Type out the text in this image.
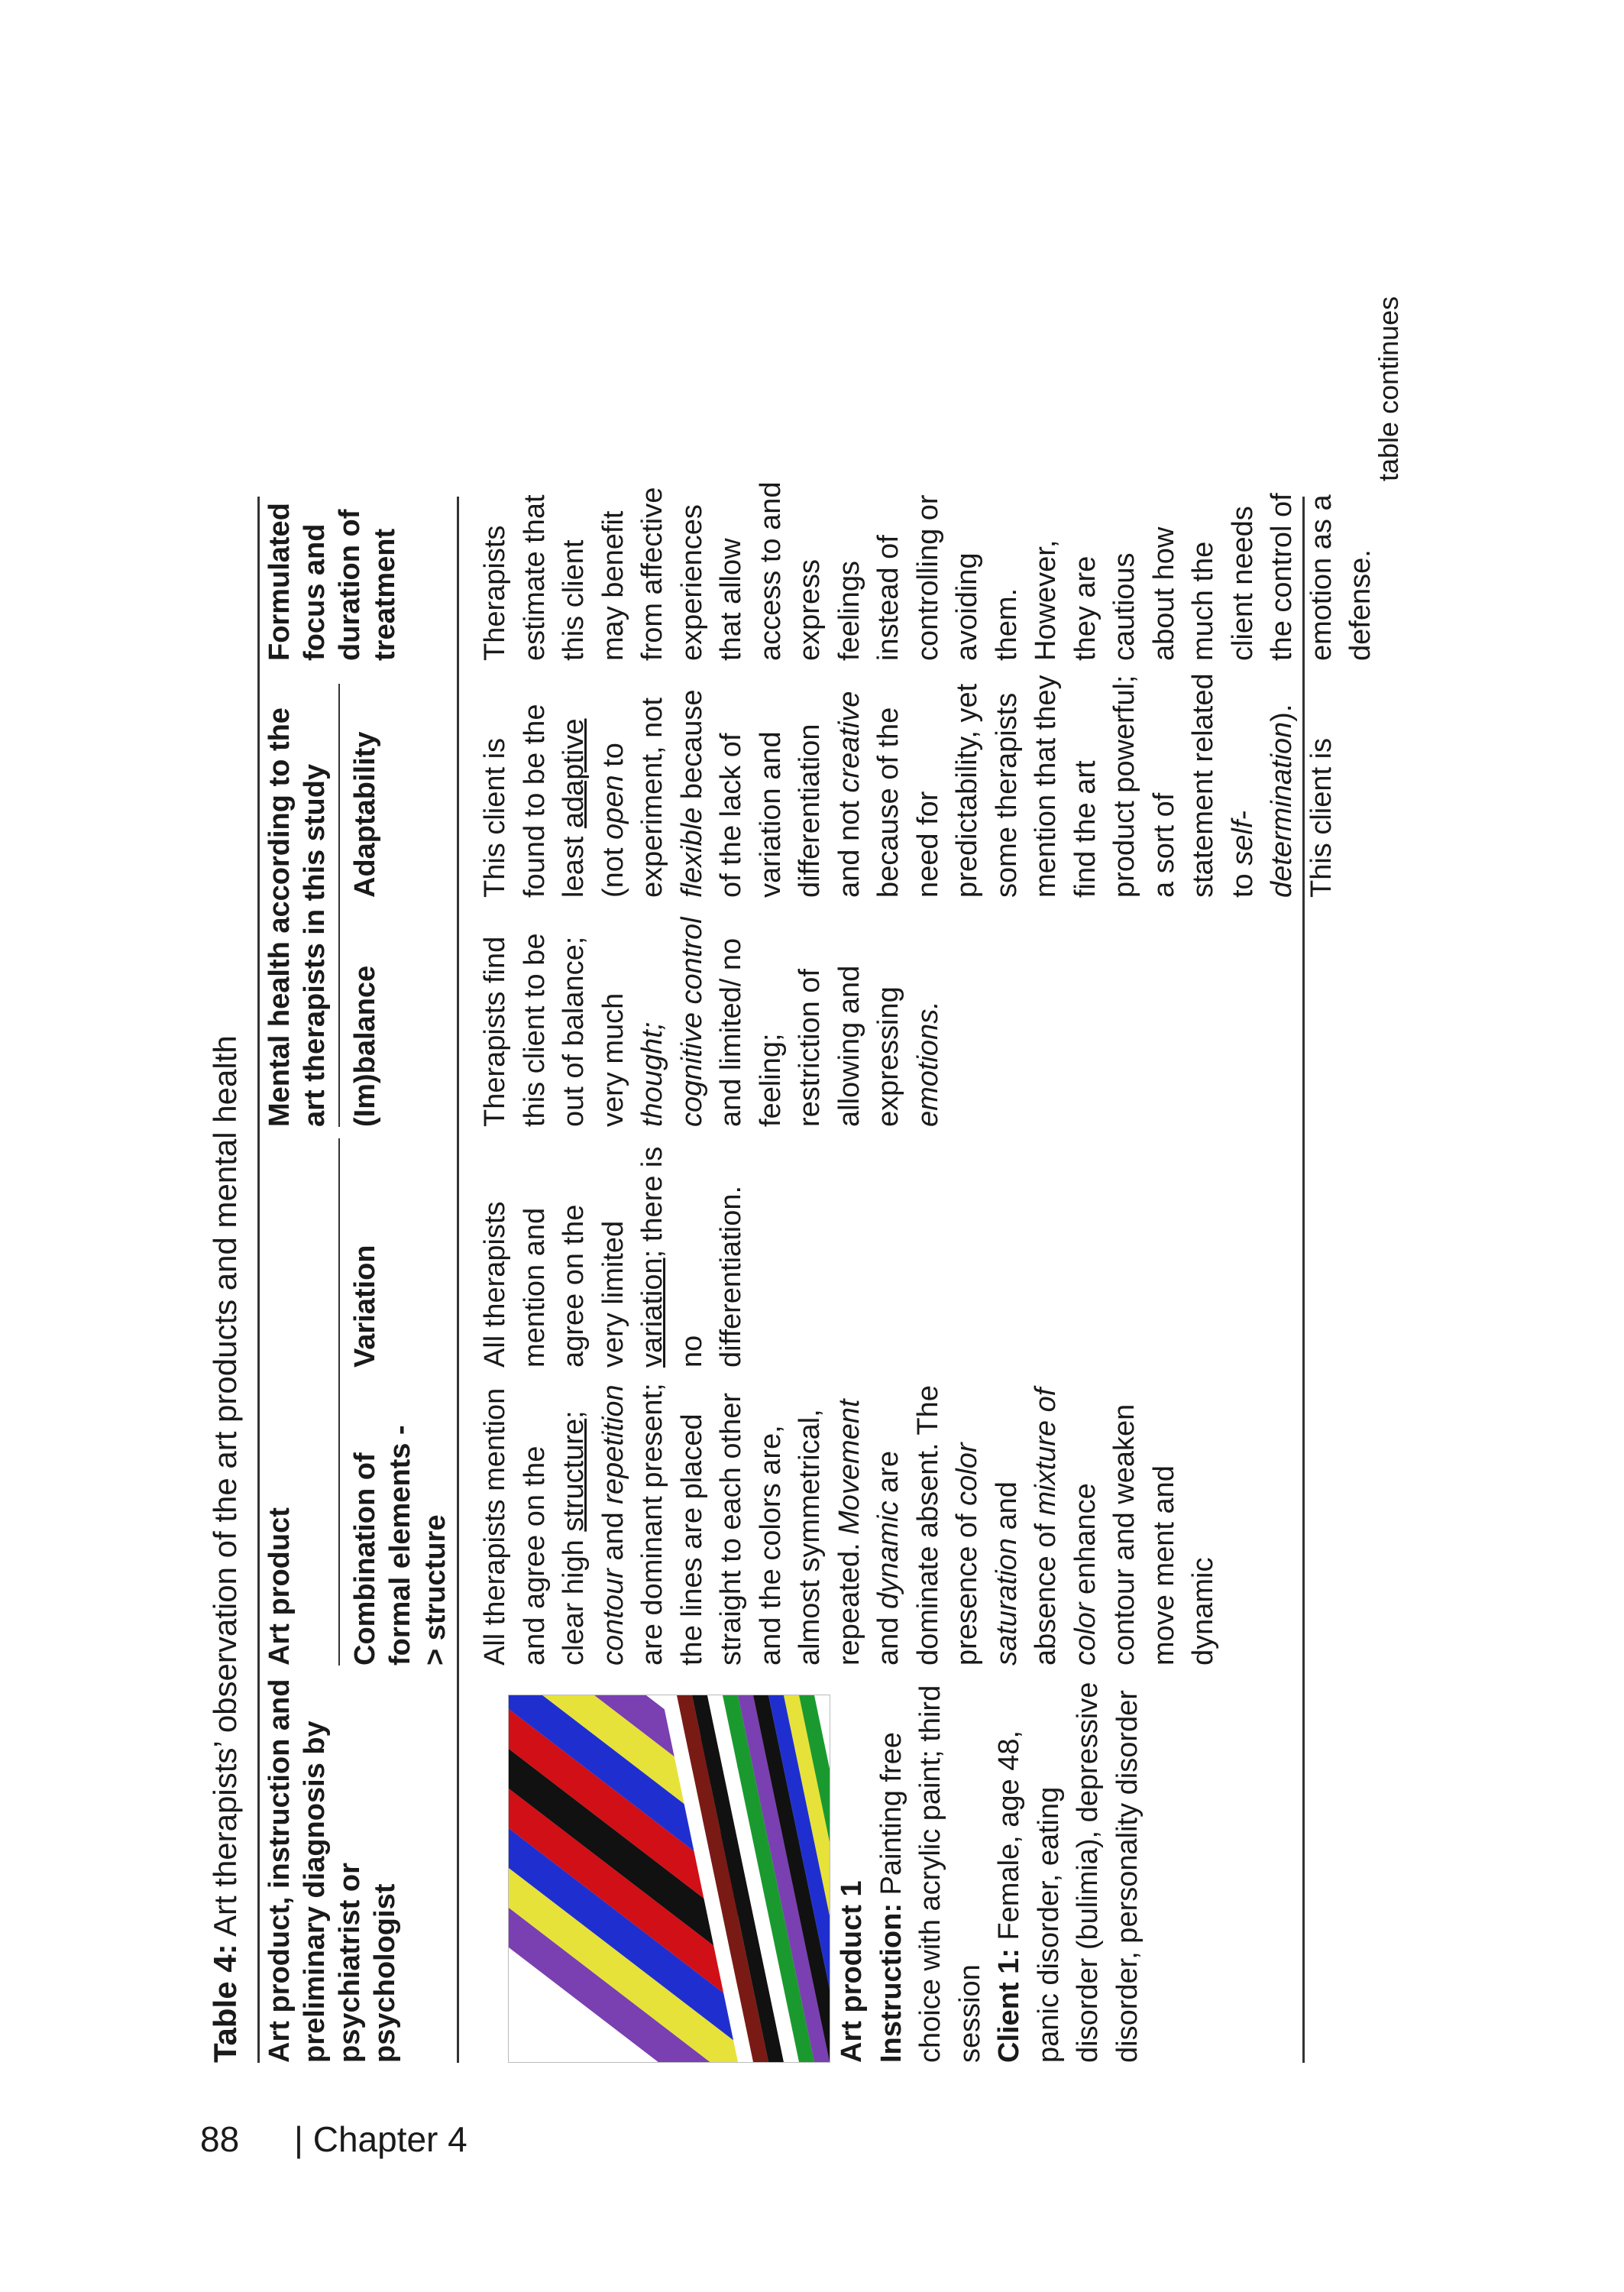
88 | Chapter 4
Table 4: Art therapists’ observation of the art products and mental health Art product, instruction and preliminary diagnosis by psychiatrist or psychologist
Art product Combination of formal elements -> structure
Variation
Mental health according to the art therapists in this study (Im)balance
Adaptability
Formulated focus and duration of treatment
Art product 1 Instruction: Painting free choice with acrylic paint; third session Client 1: Female, age 48, panic disorder, eating disorder (bulimia), depressive disorder, personality disorder
All therapists mention and agree on the clear high structure; contour and repetition are dominant present; the lines are placed straight to each other and the colors are, almost symmetrical, repeated. Movement and dynamic are dominate absent. The presence of color saturation and absence of mixture of color enhance contour and weaken move ment and dynamic
All therapists mention and agree on the very limited variation; there is no differentiation.
Therapists find this client to be out of balance; very much thought; cognitive control and limited/ no feeling; restriction of allowing and expressing emotions.
This client is found to be the least adaptive (not open to experiment, not flexible because of the lack of variation and differentiation and not creative because of the need for predictability, yet some therapists mention that they find the art product powerful; a sort of statement related to self-determination). This client is
Therapists estimate that this client may benefit from affective experiences that allow access to and express feelings instead of controlling or avoiding them. However, they are cautious about how much the client needs the control of emotion as a defense.
table continues
